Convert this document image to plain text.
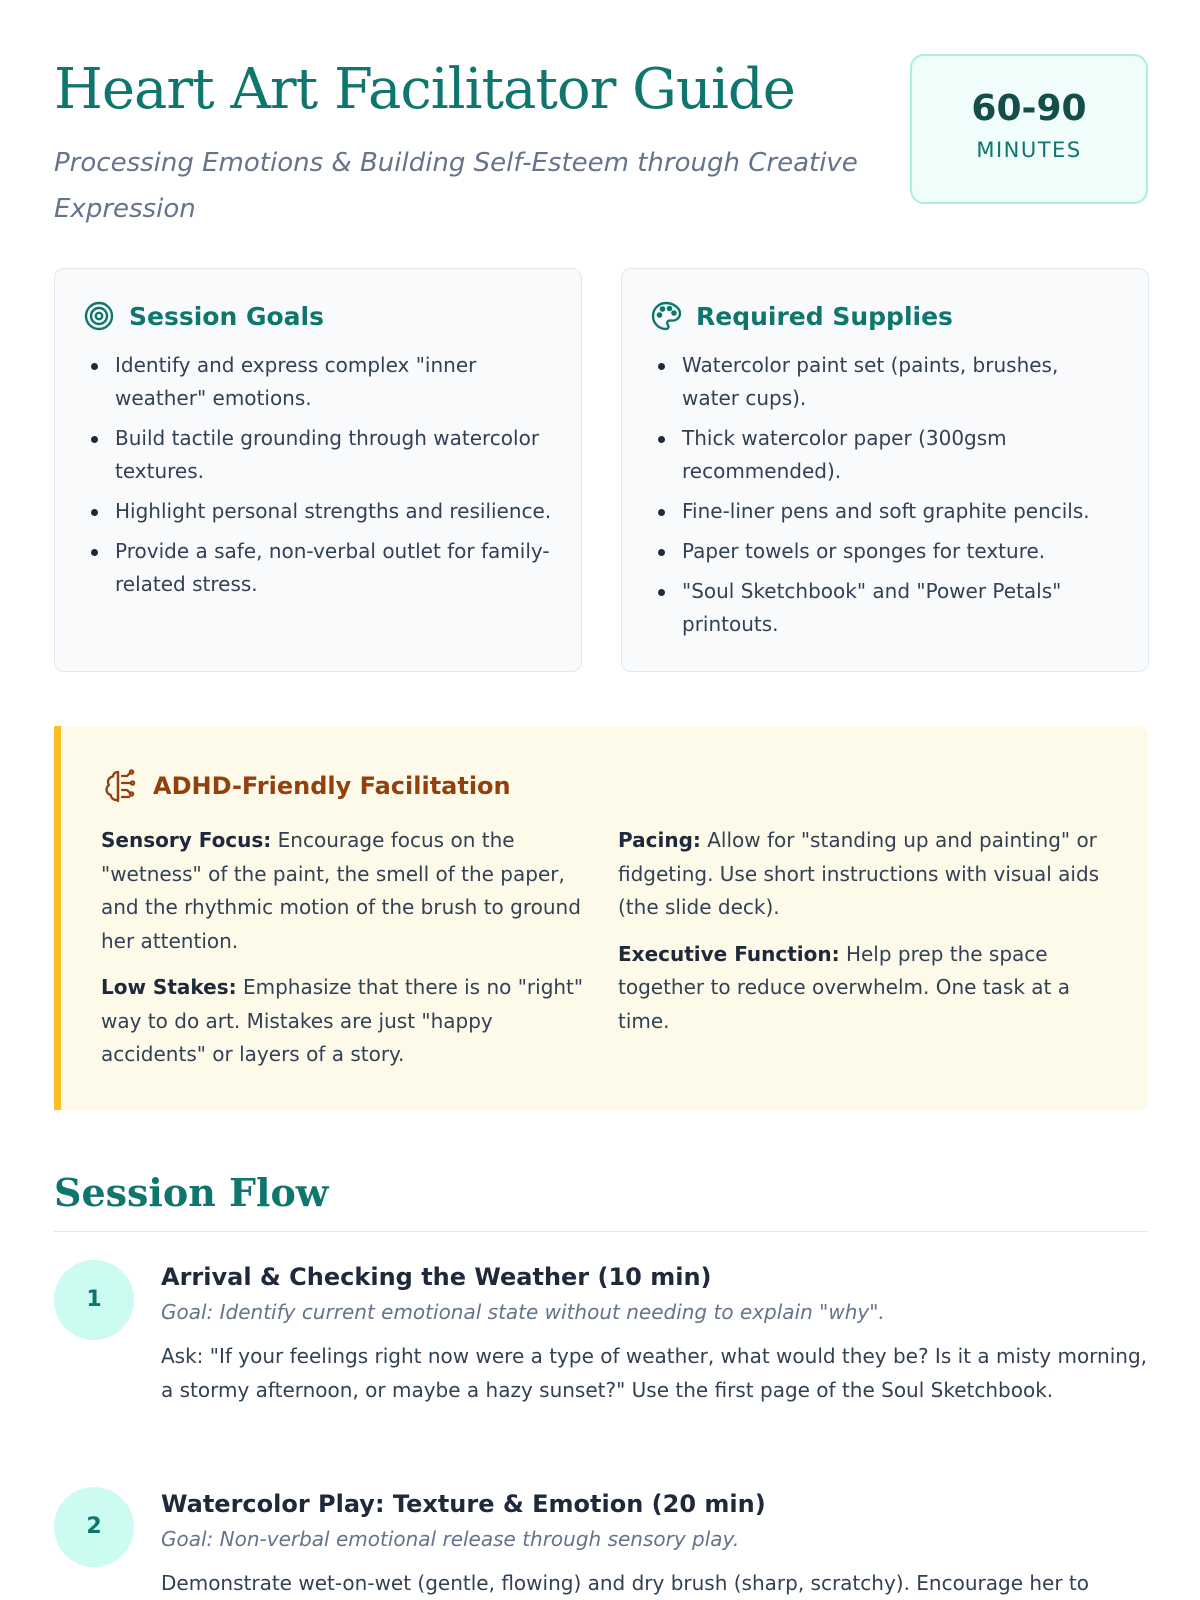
Heart Art Facilitator Guide

Processing Emotions & Building Self-Esteem through Creative Expression

60-90
MINUTES
Session Goals
Identify and express complex "inner weather" emotions.
Build tactile grounding through watercolor textures.
Highlight personal strengths and resilience.
Provide a safe, non-verbal outlet for family-related stress.
Required Supplies
Watercolor paint set (paints, brushes, water cups).
Thick watercolor paper (300gsm recommended).
Fine-liner pens and soft graphite pencils.
Paper towels or sponges for texture.
"Soul Sketchbook" and "Power Petals" printouts.
ADHD-Friendly Facilitation

Sensory Focus: Encourage focus on the "wetness" of the paint, the smell of the paper, and the rhythmic motion of the brush to ground her attention.

Low Stakes: Emphasize that there is no "right" way to do art. Mistakes are just "happy accidents" or layers of a story.

Pacing: Allow for "standing up and painting" or fidgeting. Use short instructions with visual aids (the slide deck).

Executive Function: Help prep the space together to reduce overwhelm. One task at a time.

Session Flow
1
Arrival & Checking the Weather (10 min)
Goal: Identify current emotional state without needing to explain "why".
Ask: "If your feelings right now were a type of weather, what would they be? Is it a misty morning, a stormy afternoon, or maybe a hazy sunset?" Use the first page of the Soul Sketchbook.
2
Watercolor Play: Texture & Emotion (20 min)
Goal: Non-verbal emotional release through sensory play.
Demonstrate wet-on-wet (gentle, flowing) and dry brush (sharp, scratchy). Encourage her to
